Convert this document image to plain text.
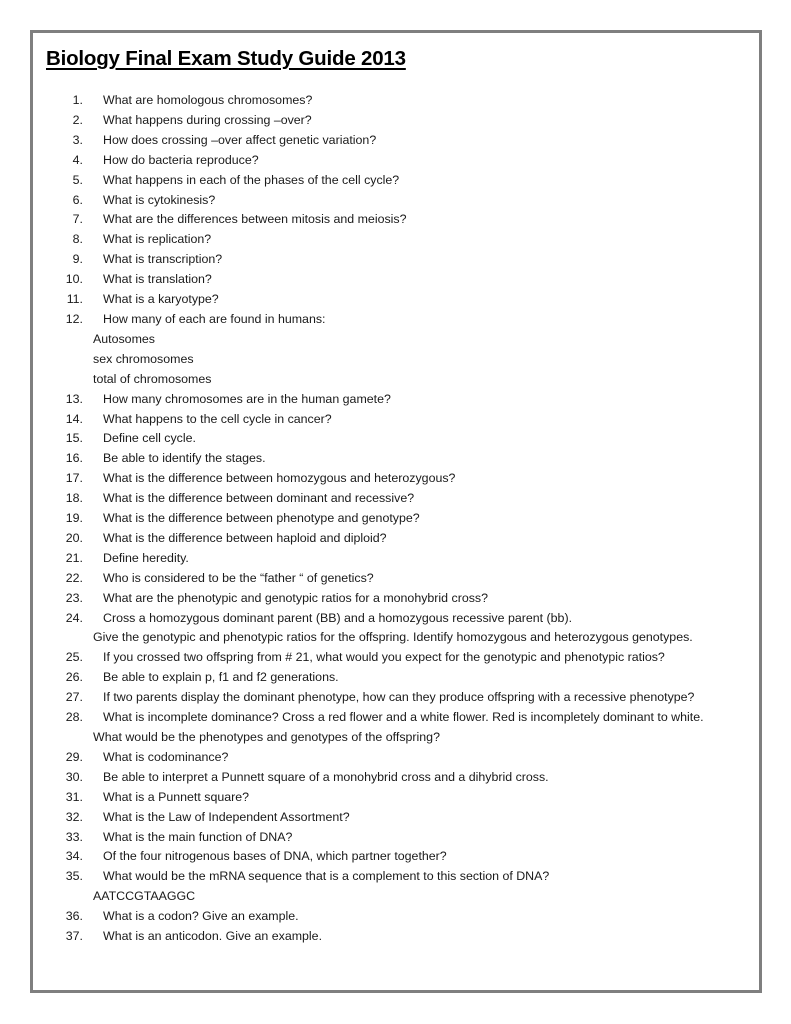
Biology Final Exam Study Guide 2013
1.	What are homologous chromosomes?
2.	What happens during crossing –over?
3.	How does crossing –over affect genetic variation?
4.	How do bacteria reproduce?
5.	What happens in each of the phases of the cell cycle?
6.	What is cytokinesis?
7.	What are the differences between mitosis and meiosis?
8.	What is replication?
9.	What is transcription?
10.	What is translation?
11.	What is a karyotype?
12.	How many of each are found in humans:
Autosomes
sex chromosomes
total of chromosomes
13.	How many chromosomes are in the human gamete?
14.	What happens to the cell cycle in cancer?
15.	Define cell cycle.
16.	Be able to identify the stages.
17.	What is the difference between homozygous and heterozygous?
18.	What is the difference between dominant and recessive?
19.	What is the difference between phenotype and genotype?
20.	What is the difference between haploid and diploid?
21.	Define heredity.
22.	Who is considered to be the “father “ of genetics?
23.	What are the phenotypic and genotypic ratios for a monohybrid cross?
24.	Cross a homozygous dominant parent (BB) and a homozygous recessive parent (bb).
Give the genotypic and phenotypic ratios for the offspring. Identify homozygous and heterozygous genotypes.
25.	If you crossed two offspring from # 21, what would you expect for the genotypic and phenotypic ratios?
26.	Be able to explain p, f1 and f2 generations.
27.	If two parents display the dominant phenotype, how can they produce offspring with a recessive phenotype?
28.	What is incomplete dominance? Cross a red flower and a white flower. Red is incompletely dominant to white.
What would be the phenotypes and genotypes of the offspring?
29.	What is codominance?
30.	Be able to interpret a Punnett square of a monohybrid cross and a dihybrid cross.
31.	What is a Punnett square?
32.	What is the Law of Independent Assortment?
33.	What is the main function of DNA?
34.	Of the four nitrogenous bases of DNA, which partner together?
35.	What would be the mRNA sequence that is a complement to this section of DNA?
AATCCGTAAGGC
36.	What is a codon? Give an example.
37.	What is an anticodon. Give an example.
